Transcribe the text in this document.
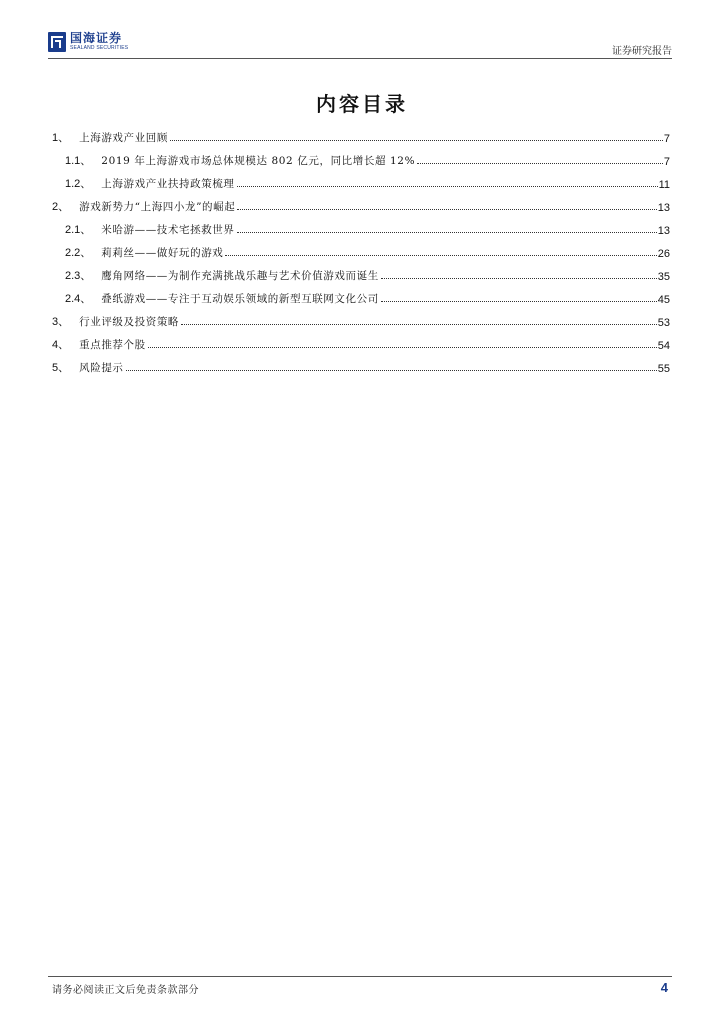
国海证券
SEALAND SECURITIES	证券研究报告
内容目录
1、 上海游戏产业回顾	7
1.1、 2019 年上海游戏市场总体规模达 802 亿元，同比增长超 12%	7
1.2、 上海游戏产业扶持政策梳理	11
2、 游戏新势力“上海四小龙”的崛起	13
2.1、 米哈游——技术宅拯救世界	13
2.2、 莉莉丝——做好玩的游戏	26
2.3、 鹰角网络——为制作充满挑战乐趣与艺术价值游戏而诞生	35
2.4、 叠纸游戏——专注于互动娱乐领域的新型互联网文化公司	45
3、 行业评级及投资策略	53
4、 重点推荐个股	54
5、 风险提示	55
请务必阅读正文后免责条款部分	4
